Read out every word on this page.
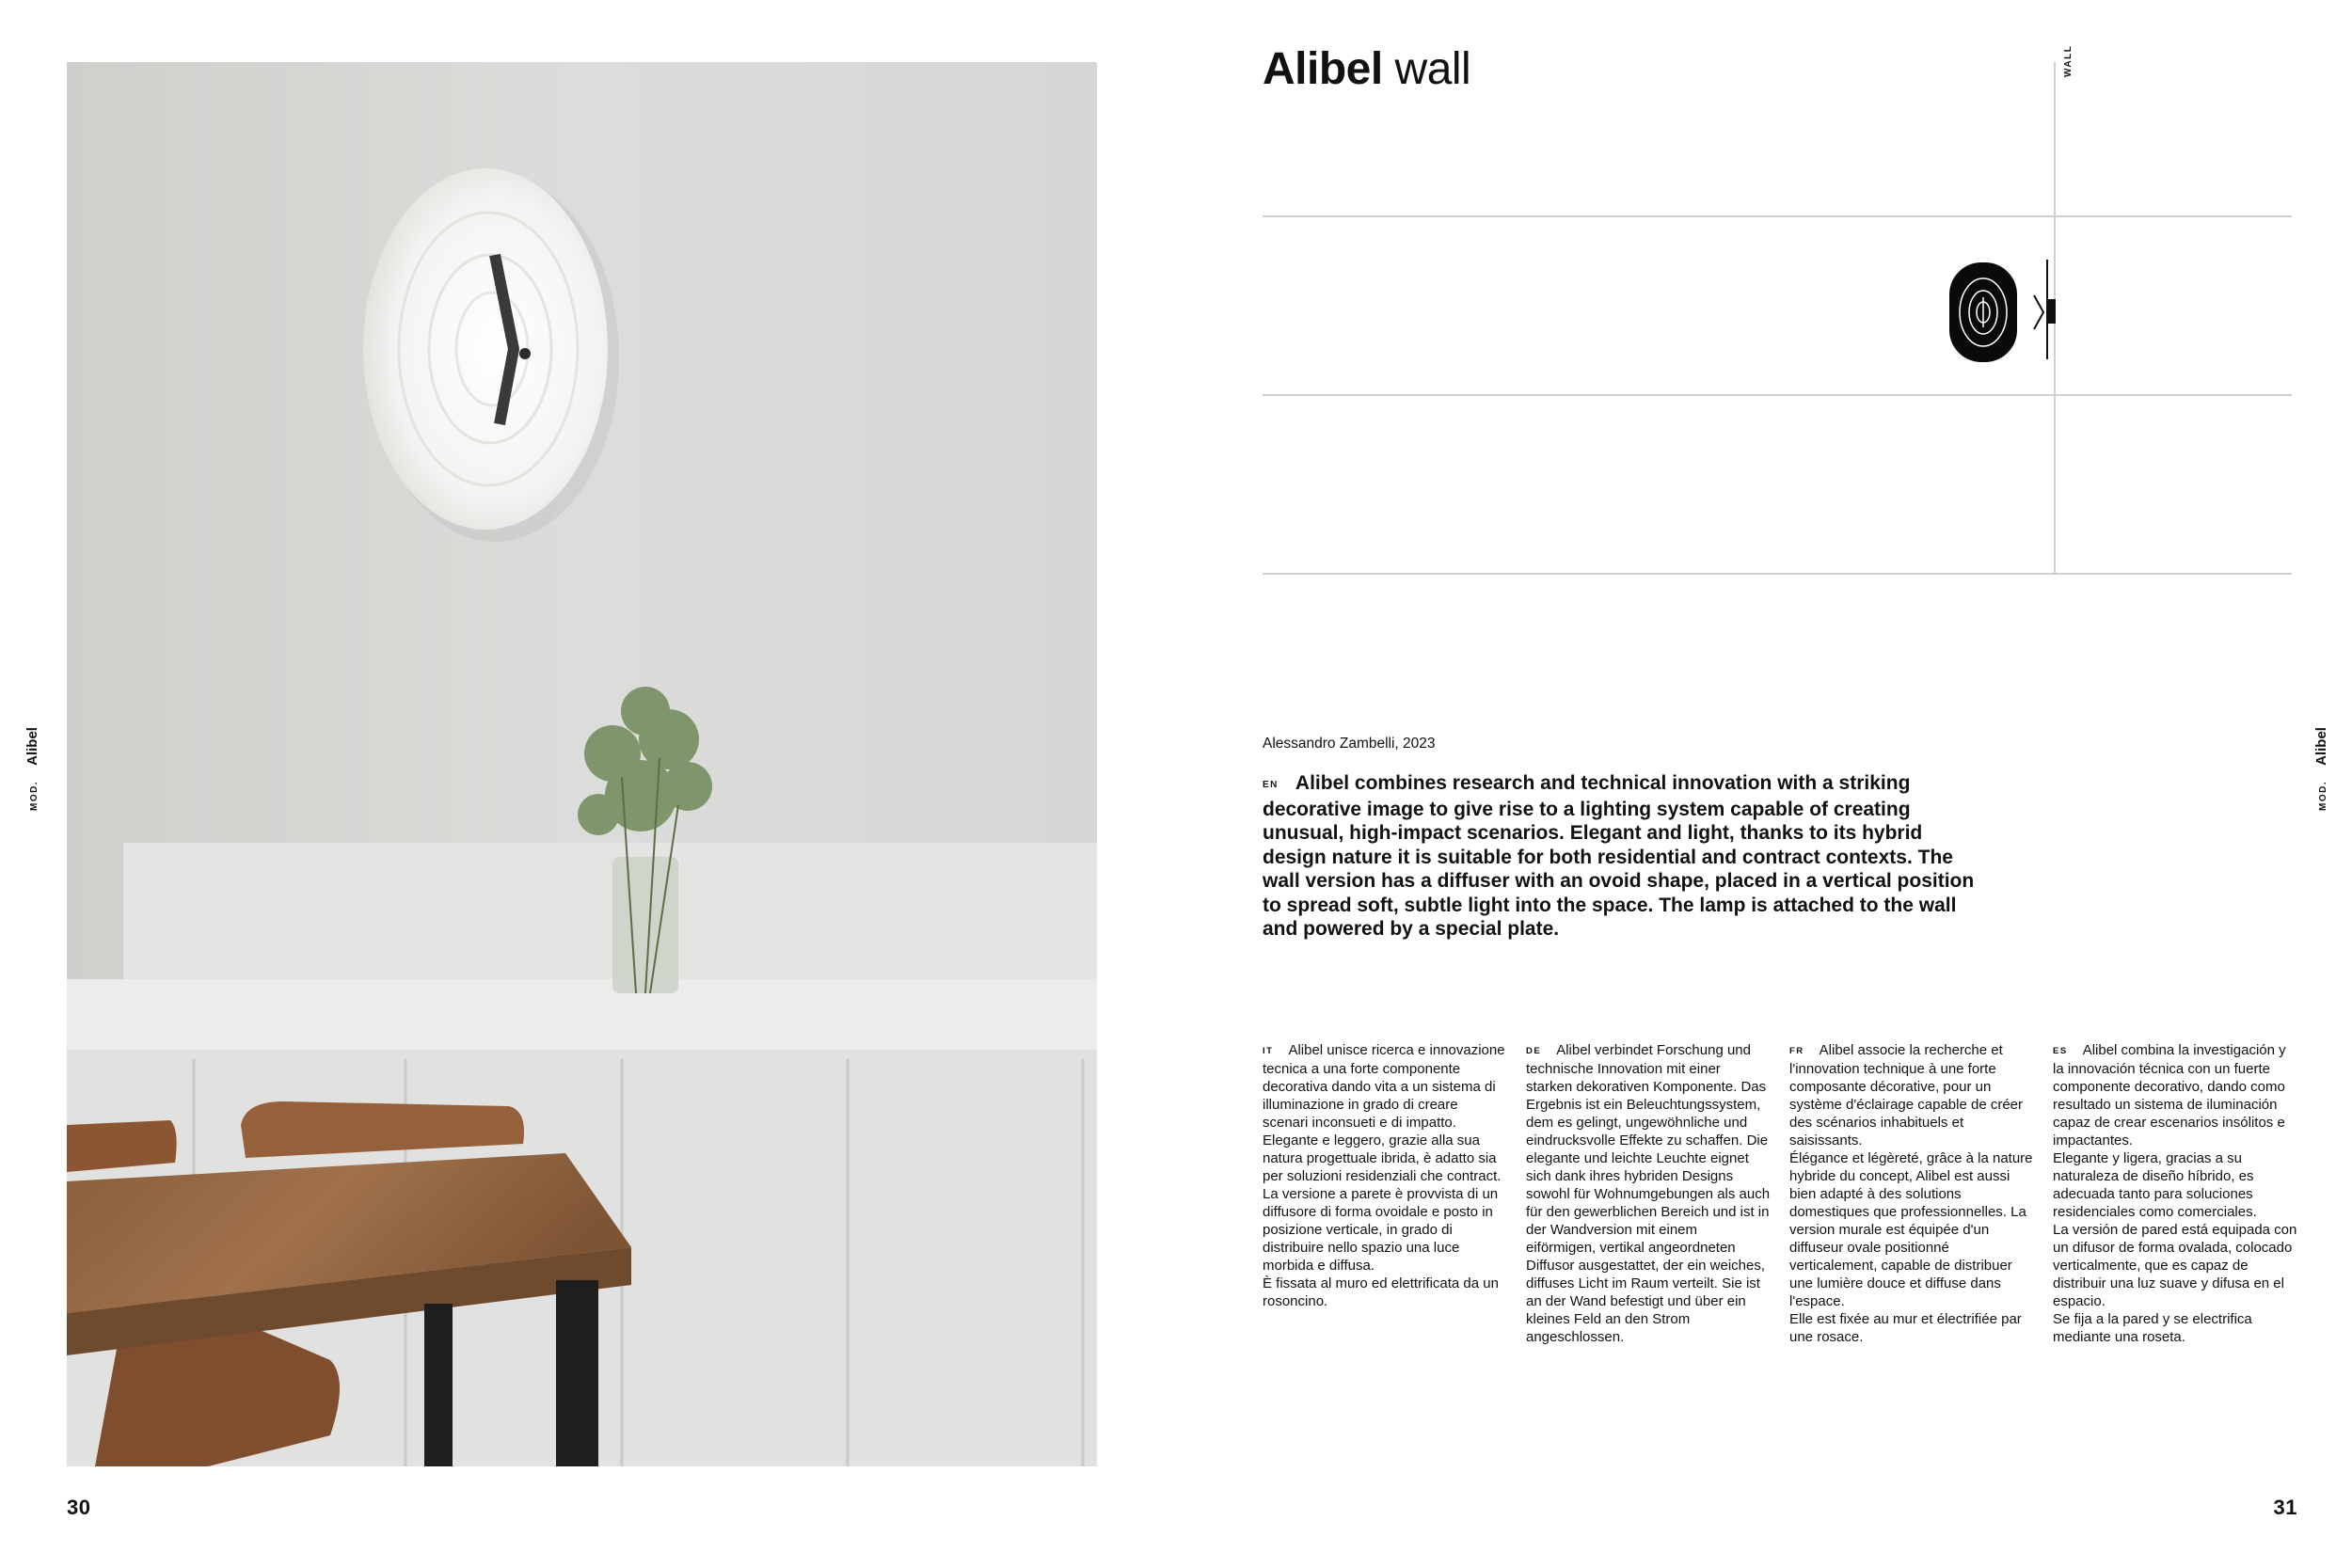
30	31
MOD.Alibel
MOD.Alibel
Alibel wall	WALL
Alessandro Zambelli, 2023
EN Alibel combines research and technical innovation with a striking decorative image to give rise to a lighting system capable of creating unusual, high-impact scenarios. Elegant and light, thanks to its hybrid design nature it is suitable for both residential and contract contexts. The wall version has a diffuser with an ovoid shape, placed in a vertical position to spread soft, subtle light into the space. The lamp is attached to the wall and powered by a special plate.

IT Alibel unisce ricerca e innovazione tecnica a una forte componente decorativa dando vita a un sistema di illuminazione in grado di creare scenari inconsueti e di impatto.

Elegante e leggero, grazie alla sua natura progettuale ibrida, è adatto sia per soluzioni residenziali che contract.

La versione a parete è provvista di un diffusore di forma ovoidale e posto in posizione verticale, in grado di distribuire nello spazio una luce morbida e diffusa.

È fissata al muro ed elettrificata da un rosoncino.

DE Alibel verbindet Forschung und technische Innovation mit einer starken dekorativen Komponente. Das Ergebnis ist ein Beleuchtungssystem, dem es gelingt, ungewöhnliche und eindrucksvolle Effekte zu schaffen. Die elegante und leichte Leuchte eignet sich dank ihres hybriden Designs sowohl für Wohnumgebungen als auch für den gewerblichen Bereich und ist in der Wandversion mit einem eiförmigen, vertikal angeordneten Diffusor ausgestattet, der ein weiches, diffuses Licht im Raum verteilt. Sie ist an der Wand befestigt und über ein kleines Feld an den Strom angeschlossen.

FR Alibel associe la recherche et l'innovation technique à une forte composante décorative, pour un système d'éclairage capable de créer des scénarios inhabituels et saisissants.

Élégance et légèreté, grâce à la nature hybride du concept, Alibel est aussi bien adapté à des solutions domestiques que professionnelles. La version murale est équipée d'un diffuseur ovale positionné verticalement, capable de distribuer une lumière douce et diffuse dans l'espace.

Elle est fixée au mur et électrifiée par une rosace.

ES Alibel combina la investigación y la innovación técnica con un fuerte componente decorativo, dando como resultado un sistema de iluminación capaz de crear escenarios insólitos e impactantes.

Elegante y ligera, gracias a su naturaleza de diseño híbrido, es adecuada tanto para soluciones residenciales como comerciales.

La versión de pared está equipada con un difusor de forma ovalada, colocado verticalmente, que es capaz de distribuir una luz suave y difusa en el espacio.

Se fija a la pared y se electrifica mediante una roseta.
